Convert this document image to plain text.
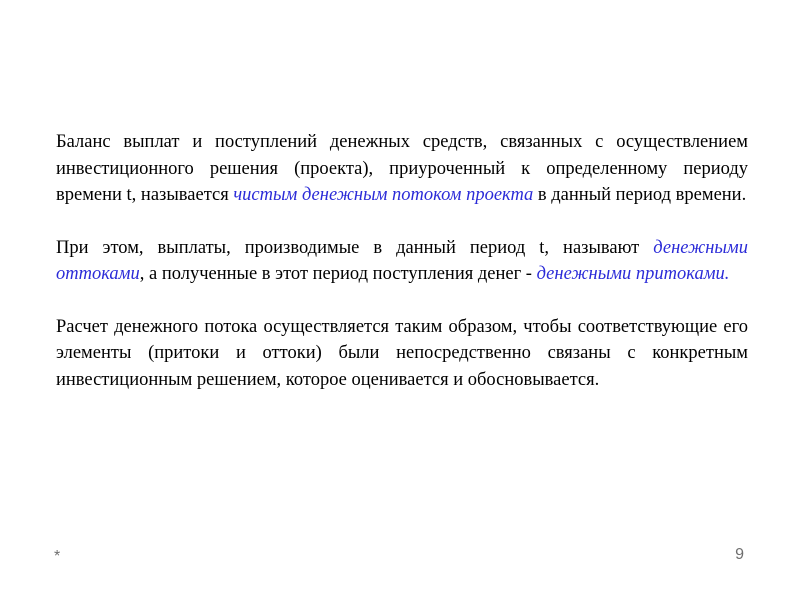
Баланс выплат и поступлений денежных средств, связанных с осуществлением инвестиционного решения (проекта), приуроченный к определенному периоду времени t, называется чистым денежным потоком проекта в данный период времени.

При этом, выплаты, производимые в данный период t, называют денежными оттоками, а полученные в этот период поступления денег - денежными притоками.

Расчет денежного потока осуществляется таким образом, чтобы соответствующие его элементы (притоки и оттоки) были непосредственно связаны с конкретным инвестиционным решением, которое оценивается и обосновывается.

*	9
